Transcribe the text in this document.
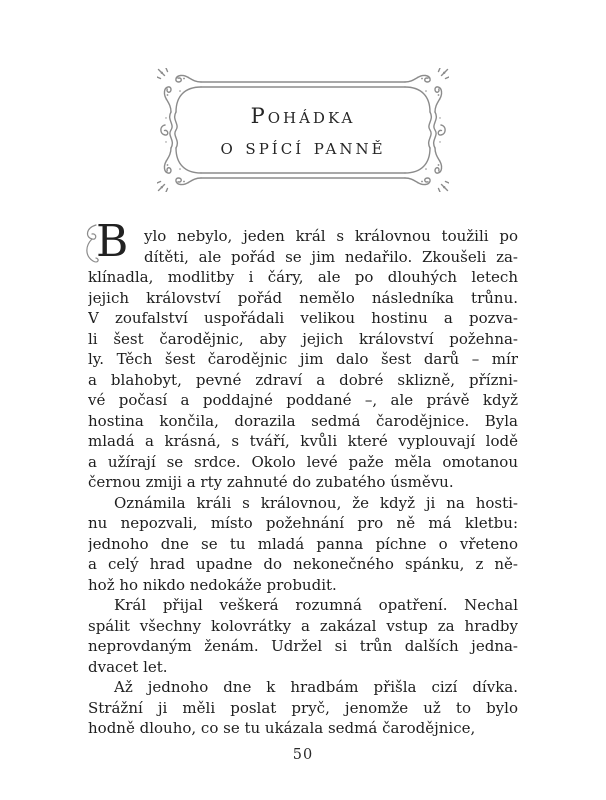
Pohádka
o spící panně
B	ylo nebylo, jeden král s královnou toužili po
dítěti, ale pořád se jim nedařilo. Zkoušeli za-
klínadla, modlitby i čáry, ale po dlouhých letech
jejich království pořád nemělo následníka trůnu.
V zoufalství uspořádali velikou hostinu a pozva-
li šest čarodějnic, aby jejich království požehna-
ly. Těch šest čarodějnic jim dalo šest darů – mír
a blahobyt, pevné zdraví a dobré sklizně, přízni-
vé počasí a poddajné poddané –, ale právě když
hostina končila, dorazila sedmá čarodějnice. Byla
mladá a krásná, s tváří, kvůli které vyplouvají lodě
a užírají se srdce. Okolo levé paže měla omotanou
černou zmiji a rty zahnuté do zubatého úsměvu.
Oznámila králi s královnou, že když ji na hosti-
nu nepozvali, místo požehnání pro ně má kletbu:
jednoho dne se tu mladá panna píchne o vřeteno
a celý hrad upadne do nekonečného spánku, z ně-
hož ho nikdo nedokáže probudit.
Král přijal veškerá rozumná opatření. Nechal
spálit všechny kolovrátky a zakázal vstup za hradby
neprovdaným ženám. Udržel si trůn dalších jedna-
dvacet let.
Až jednoho dne k hradbám přišla cizí dívka.
Strážní ji měli poslat pryč, jenomže už to bylo
hodně dlouho, co se tu ukázala sedmá čarodějnice,
50
